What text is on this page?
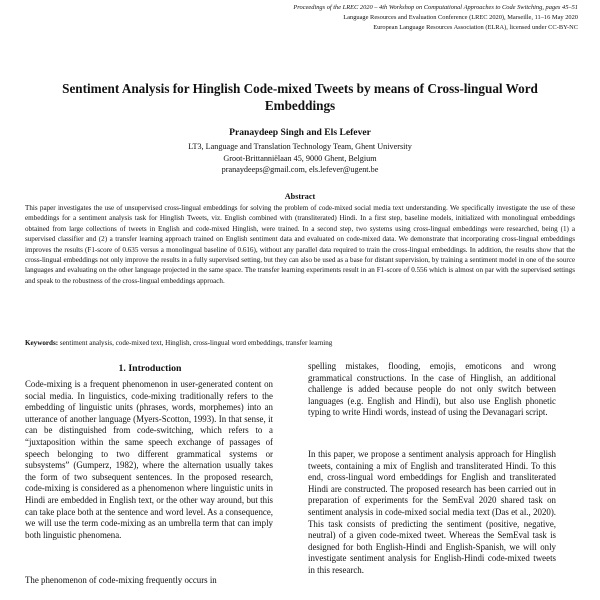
Proceedings of the LREC 2020 – 4th Workshop on Computational Approaches to Code Switching, pages 45–51
Language Resources and Evaluation Conference (LREC 2020), Marseille, 11–16 May 2020
European Language Resources Association (ELRA), licensed under CC-BY-NC
Sentiment Analysis for Hinglish Code-mixed Tweets by means of Cross-lingual Word Embeddings
Pranaydeep Singh and Els Lefever
LT3, Language and Translation Technology Team, Ghent University
Groot-Brittanniëlaan 45, 9000 Ghent, Belgium
pranaydeeps@gmail.com, els.lefever@ugent.be
Abstract
This paper investigates the use of unsupervised cross-lingual embeddings for solving the problem of code-mixed social media text understanding. We specifically investigate the use of these embeddings for a sentiment analysis task for Hinglish Tweets, viz. English combined with (transliterated) Hindi. In a first step, baseline models, initialized with monolingual embeddings obtained from large collections of tweets in English and code-mixed Hinglish, were trained. In a second step, two systems using cross-lingual embeddings were researched, being (1) a supervised classifier and (2) a transfer learning approach trained on English sentiment data and evaluated on code-mixed data. We demonstrate that incorporating cross-lingual embeddings improves the results (F1-score of 0.635 versus a monolingual baseline of 0.616), without any parallel data required to train the cross-lingual embeddings. In addition, the results show that the cross-lingual embeddings not only improve the results in a fully supervised setting, but they can also be used as a base for distant supervision, by training a sentiment model in one of the source languages and evaluating on the other language projected in the same space. The transfer learning experiments result in an F1-score of 0.556 which is almost on par with the supervised settings and speak to the robustness of the cross-lingual embeddings approach.
Keywords: sentiment analysis, code-mixed text, Hinglish, cross-lingual word embeddings, transfer learning
1. Introduction

Code-mixing is a frequent phenomenon in user-generated content on social media. In linguistics, code-mixing traditionally refers to the embedding of linguistic units (phrases, words, morphemes) into an utterance of another language (Myers-Scotton, 1993). In that sense, it can be distinguished from code-switching, which refers to a “juxtaposition within the same speech exchange of passages of speech belonging to two different grammatical systems or subsystems” (Gumperz, 1982), where the alternation usually takes the form of two subsequent sentences. In the proposed research, code-mixing is considered as a phenomenon where linguistic units in Hindi are embedded in English text, or the other way around, but this can take place both at the sentence and word level. As a consequence, we will use the term code-mixing as an umbrella term that can imply both linguistic phenomena.

The phenomenon of code-mixing frequently occurs in

spelling mistakes, flooding, emojis, emoticons and wrong grammatical constructions. In the case of Hinglish, an additional challenge is added because people do not only switch between languages (e.g. English and Hindi), but also use English phonetic typing to write Hindi words, instead of using the Devanagari script.

In this paper, we propose a sentiment analysis approach for Hinglish tweets, containing a mix of English and transliterated Hindi. To this end, cross-lingual word embeddings for English and transliterated Hindi are constructed. The proposed research has been carried out in preparation of experiments for the SemEval 2020 shared task on sentiment analysis in code-mixed social media text (Das et al., 2020). This task consists of predicting the sentiment (positive, negative, neutral) of a given code-mixed tweet. Whereas the SemEval task is designed for both English-Hindi and English-Spanish, we will only investigate sentiment analysis for English-Hindi code-mixed tweets in this research.
